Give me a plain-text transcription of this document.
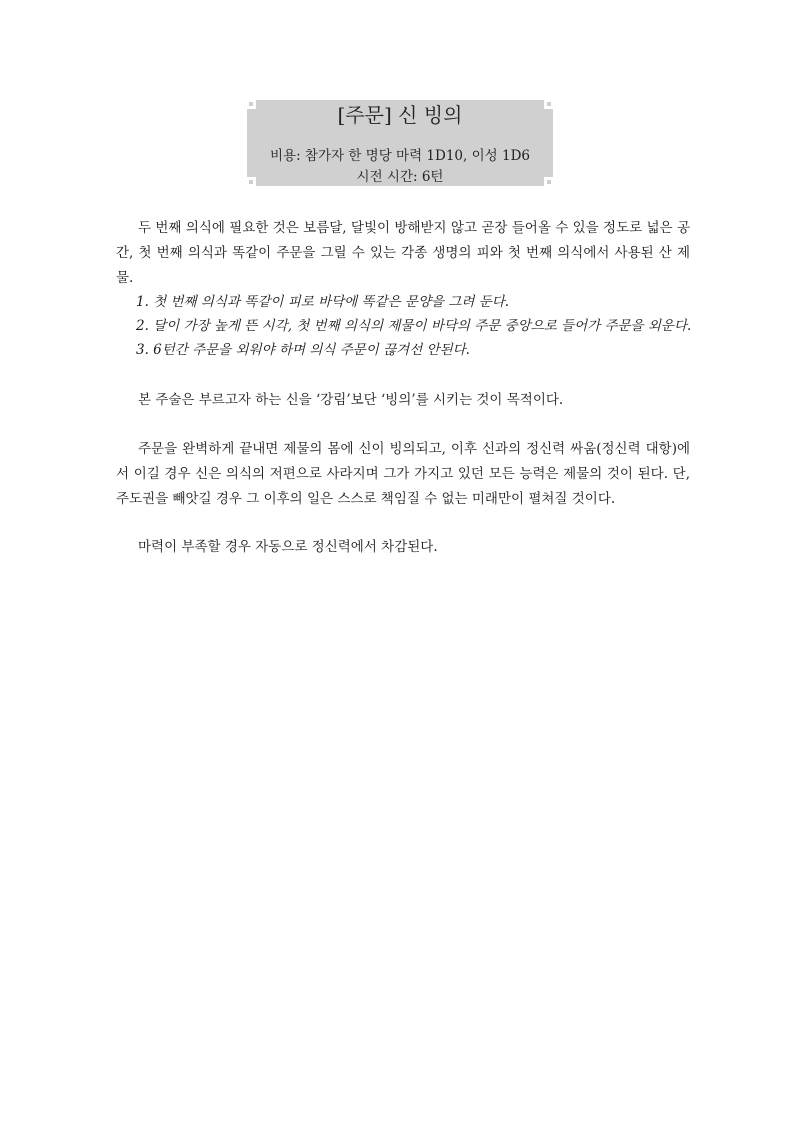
[주문] 신 빙의
비용: 참가자 한 명당 마력 1D10, 이성 1D6
시전 시간: 6턴

두 번째 의식에 필요한 것은 보름달, 달빛이 방해받지 않고 곧장 들어올 수 있을 정도로 넓은 공간, 첫 번째 의식과 똑같이 주문을 그릴 수 있는 각종 생명의 피와 첫 번째 의식에서 사용된 산 제물.

1. 첫 번째 의식과 똑같이 피로 바닥에 똑같은 문양을 그려 둔다.
2. 달이 가장 높게 뜬 시각, 첫 번째 의식의 제물이 바닥의 주문 중앙으로 들어가 주문을 외운다.
3. 6턴간 주문을 외워야 하며 의식 주문이 끊겨선 안된다.

본 주술은 부르고자 하는 신을 ‘강림’보단 ‘빙의’를 시키는 것이 목적이다.

주문을 완벽하게 끝내면 제물의 몸에 신이 빙의되고, 이후 신과의 정신력 싸움(정신력 대항)에서 이길 경우 신은 의식의 저편으로 사라지며 그가 가지고 있던 모든 능력은 제물의 것이 된다. 단, 주도권을 빼앗길 경우 그 이후의 일은 스스로 책임질 수 없는 미래만이 펼쳐질 것이다.

마력이 부족할 경우 자동으로 정신력에서 차감된다.
